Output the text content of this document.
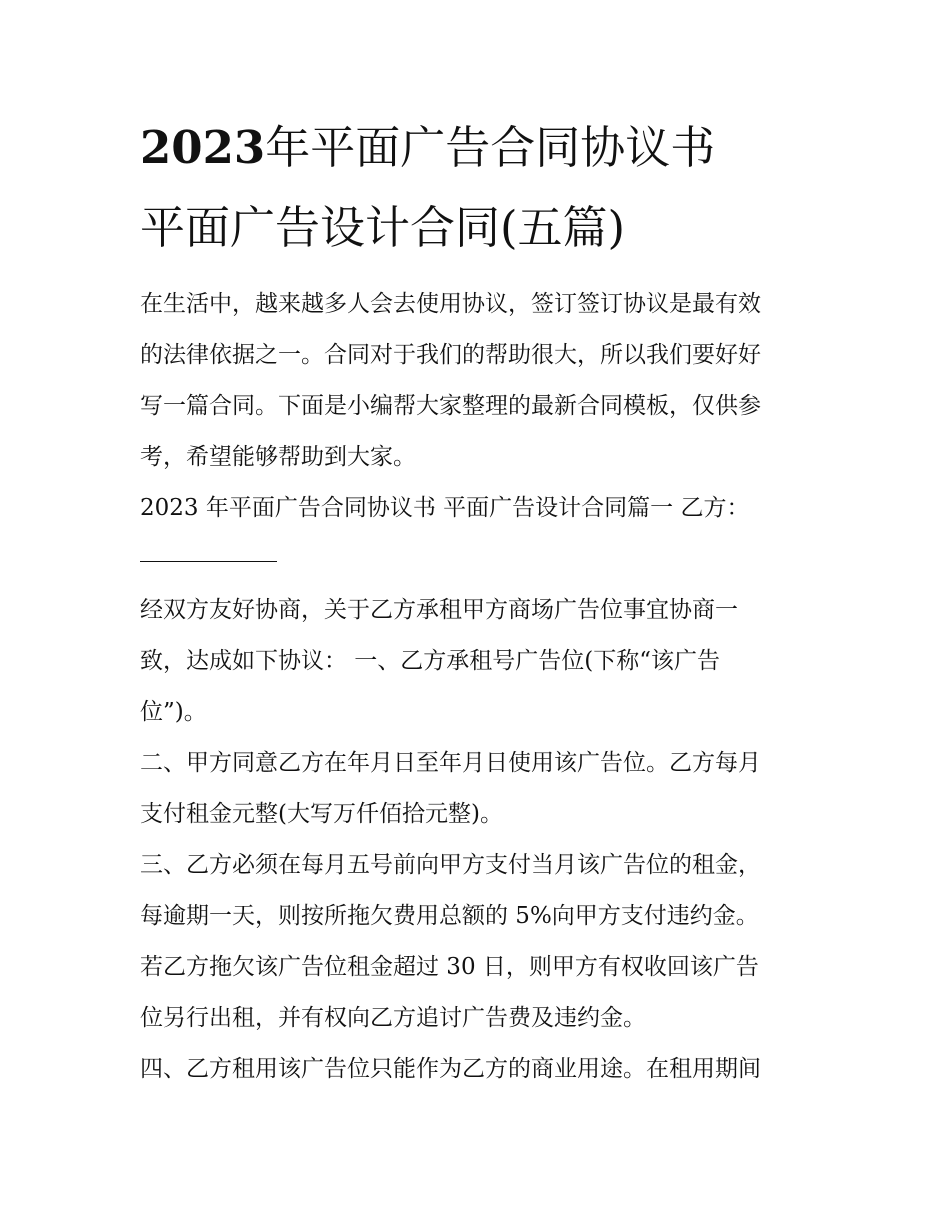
2023年平面广告合同协议书
平面广告设计合同(五篇)

在生活中，越来越多人会去使用协议，签订签订协议是最有效

的法律依据之一。合同对于我们的帮助很大，所以我们要好好

写一篇合同。下面是小编帮大家整理的最新合同模板，仅供参

考，希望能够帮助到大家。

2023 年平面广告合同协议书 平面广告设计合同篇一 乙方：

经双方友好协商，关于乙方承租甲方商场广告位事宜协商一

致，达成如下协议： 一、乙方承租号广告位(下称“该广告

位”)。

二、甲方同意乙方在年月日至年月日使用该广告位。乙方每月

支付租金元整(大写万仟佰拾元整)。

三、乙方必须在每月五号前向甲方支付当月该广告位的租金，

每逾期一天，则按所拖欠费用总额的 5%向甲方支付违约金。

若乙方拖欠该广告位租金超过 30 日，则甲方有权收回该广告

位另行出租，并有权向乙方追讨广告费及违约金。

四、乙方租用该广告位只能作为乙方的商业用途。在租用期间
